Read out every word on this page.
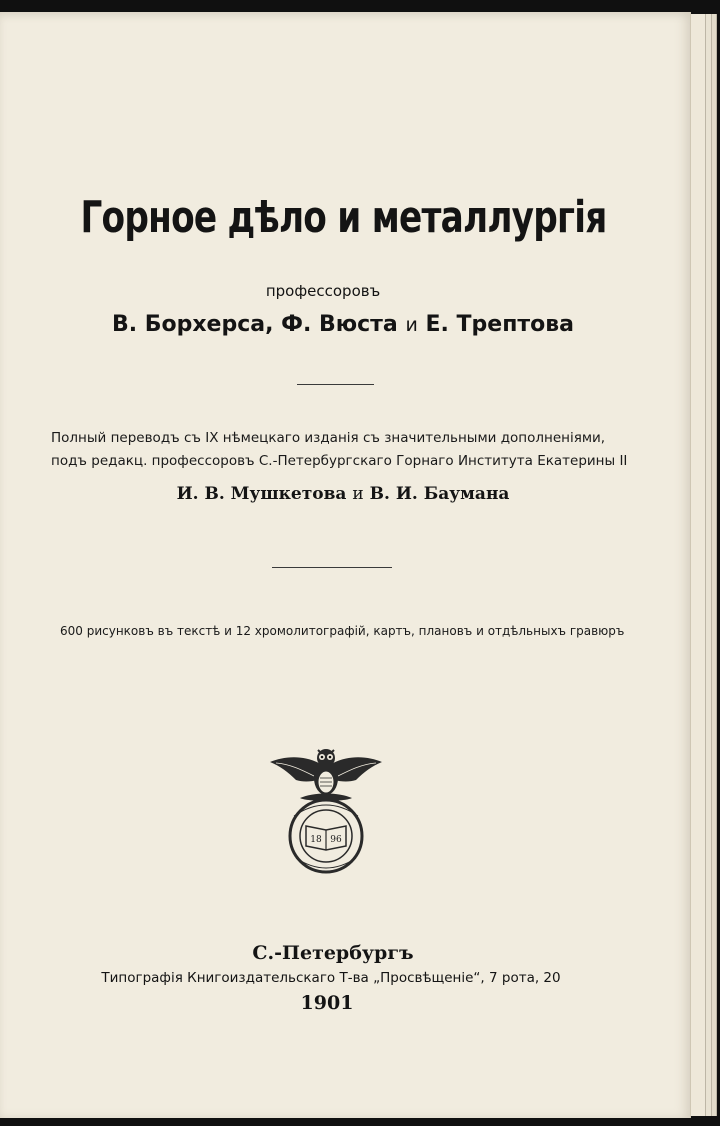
Горное дѣло и металлургія
профессоровъ
В. Борхерса, Ф. Вюста и Е. Трептова
Полный переводъ съ IX нѣмецкаго изданія съ значительными дополненіями,
подъ редакц. профессоровъ С.-Петербургскаго Горнаго Института Екатерины II
И. В. Мушкетова и В. И. Баумана
600 рисунковъ въ текстѣ и 12 хромолитографій, картъ, плановъ и отдѣльныхъ гравюръ
18 96
С.-Петербургъ
Типографія Книгоиздательскаго Т-ва „Просвѣщеніе“, 7 рота, 20
1901
